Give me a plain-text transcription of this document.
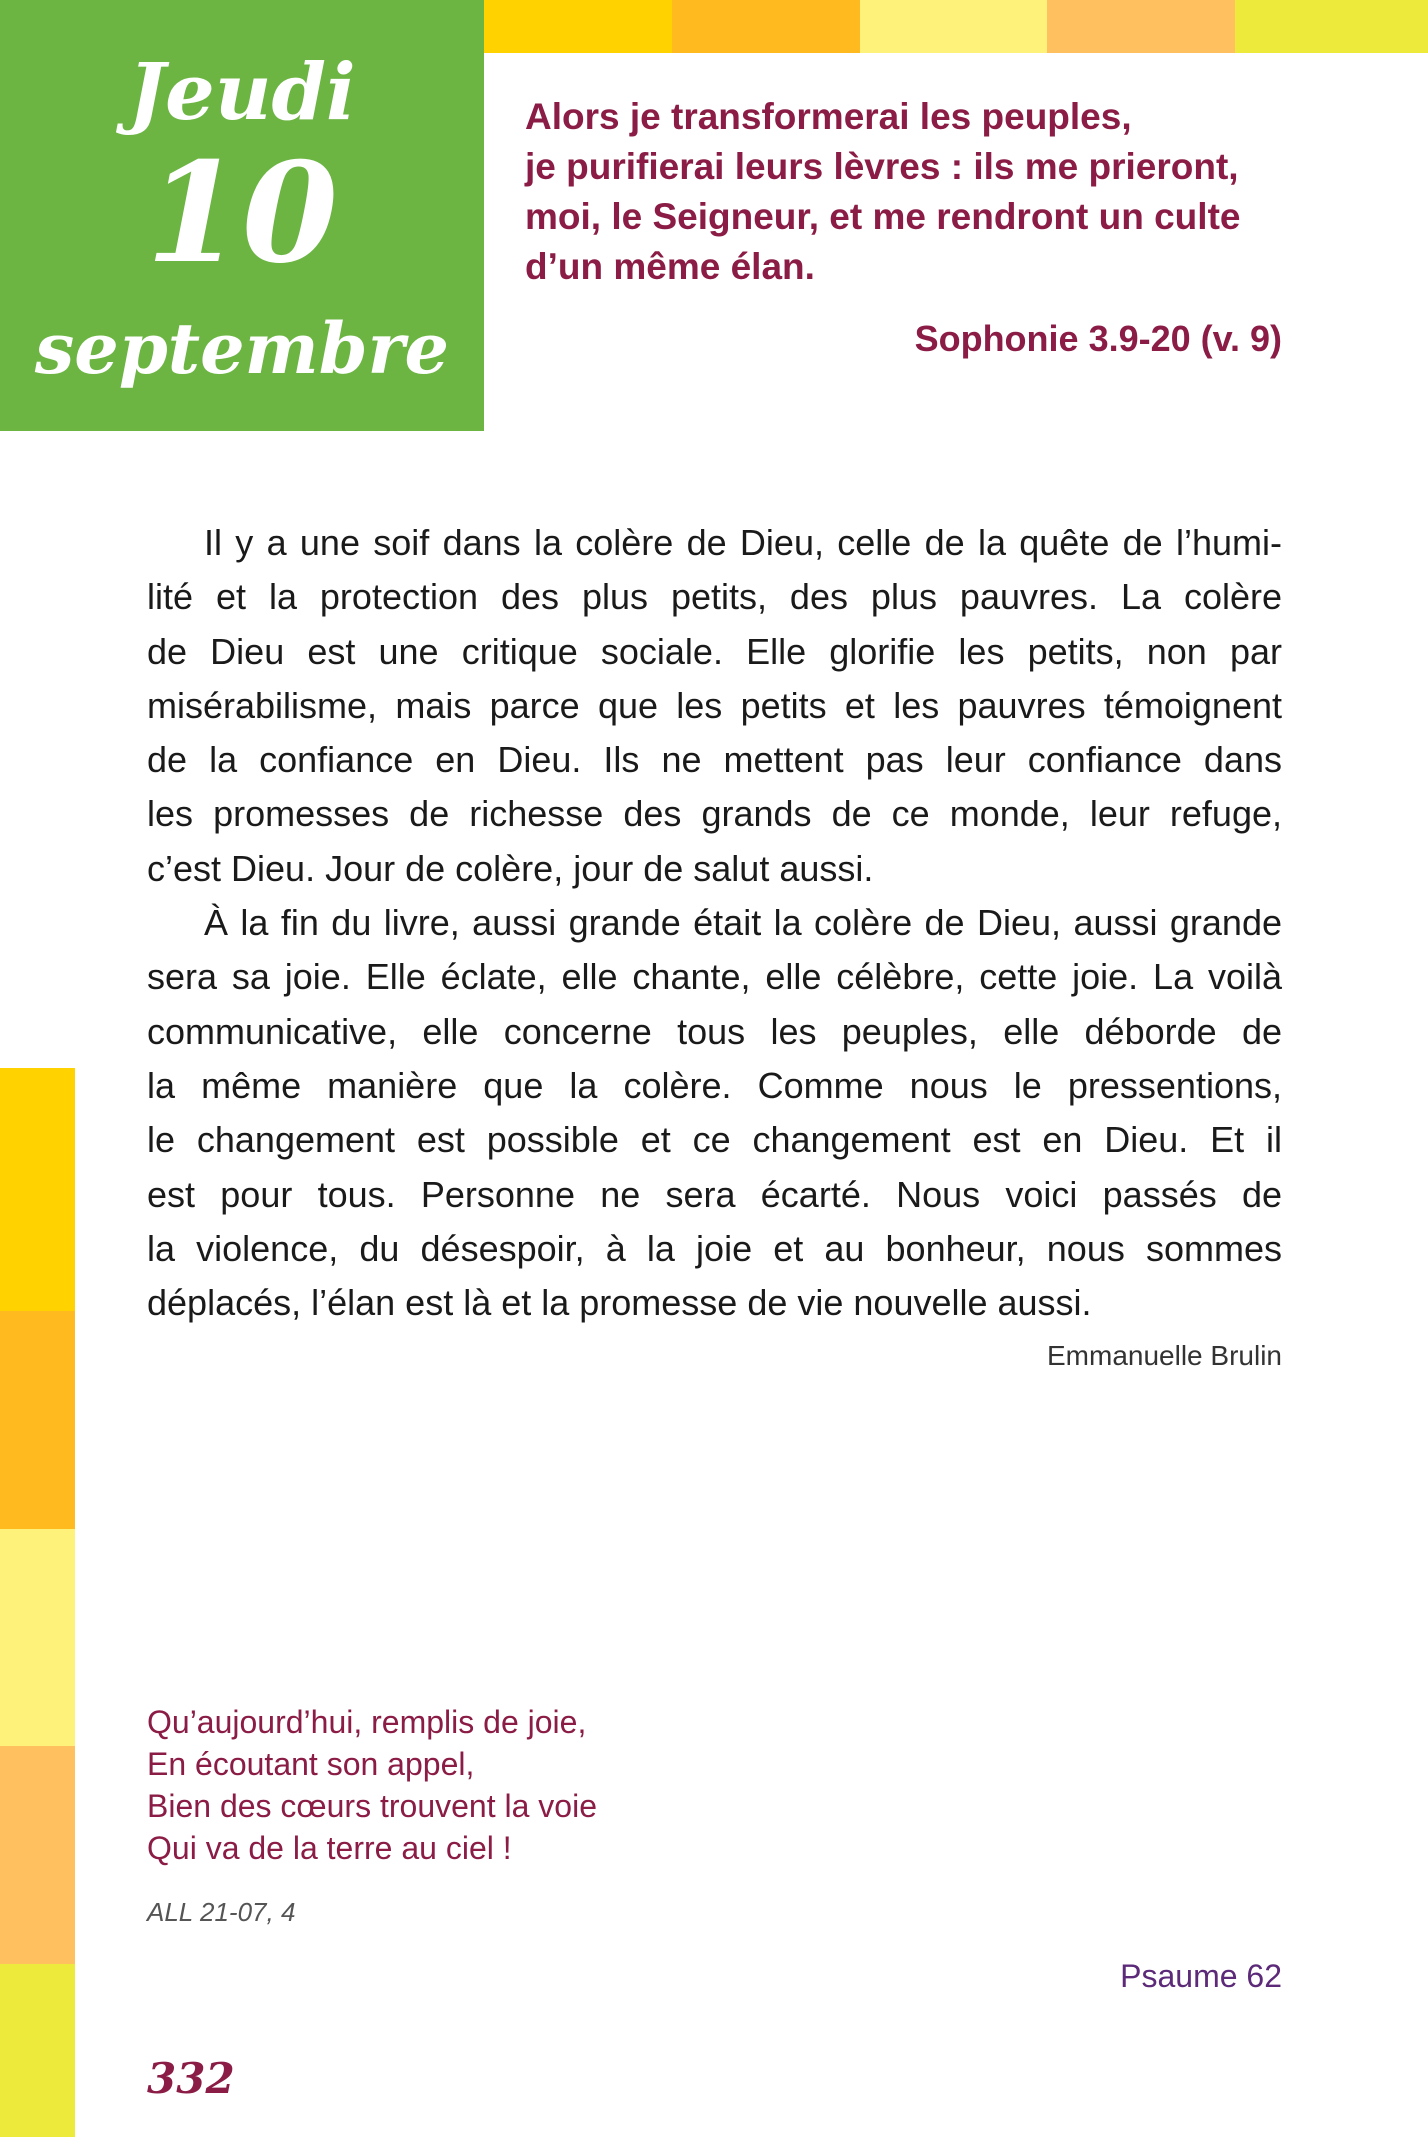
Jeudi
10
septembre
Alors je transformerai les peuples,
je purifierai leurs lèvres : ils me prieront,
moi, le Seigneur, et me rendront un culte
d’un même élan.
Sophonie 3.9-20 (v. 9)
Il y a une soif dans la colère de Dieu, celle de la quête de l’humi-
lité et la protection des plus petits, des plus pauvres. La colère
de Dieu est une critique sociale. Elle glorifie les petits, non par
misérabilisme, mais parce que les petits et les pauvres témoignent
de la confiance en Dieu. Ils ne mettent pas leur confiance dans
les promesses de richesse des grands de ce monde, leur refuge,
c’est Dieu. Jour de colère, jour de salut aussi.
À la fin du livre, aussi grande était la colère de Dieu, aussi grande
sera sa joie. Elle éclate, elle chante, elle célèbre, cette joie. La voilà
communicative, elle concerne tous les peuples, elle déborde de
la même manière que la colère. Comme nous le pressentions,
le changement est possible et ce changement est en Dieu. Et il
est pour tous. Personne ne sera écarté. Nous voici passés de
la violence, du désespoir, à la joie et au bonheur, nous sommes
déplacés, l’élan est là et la promesse de vie nouvelle aussi.
Emmanuelle Brulin
Qu’aujourd’hui, remplis de joie,
En écoutant son appel,
Bien des cœurs trouvent la voie
Qui va de la terre au ciel !
ALL 21-07, 4
Psaume 62
332
